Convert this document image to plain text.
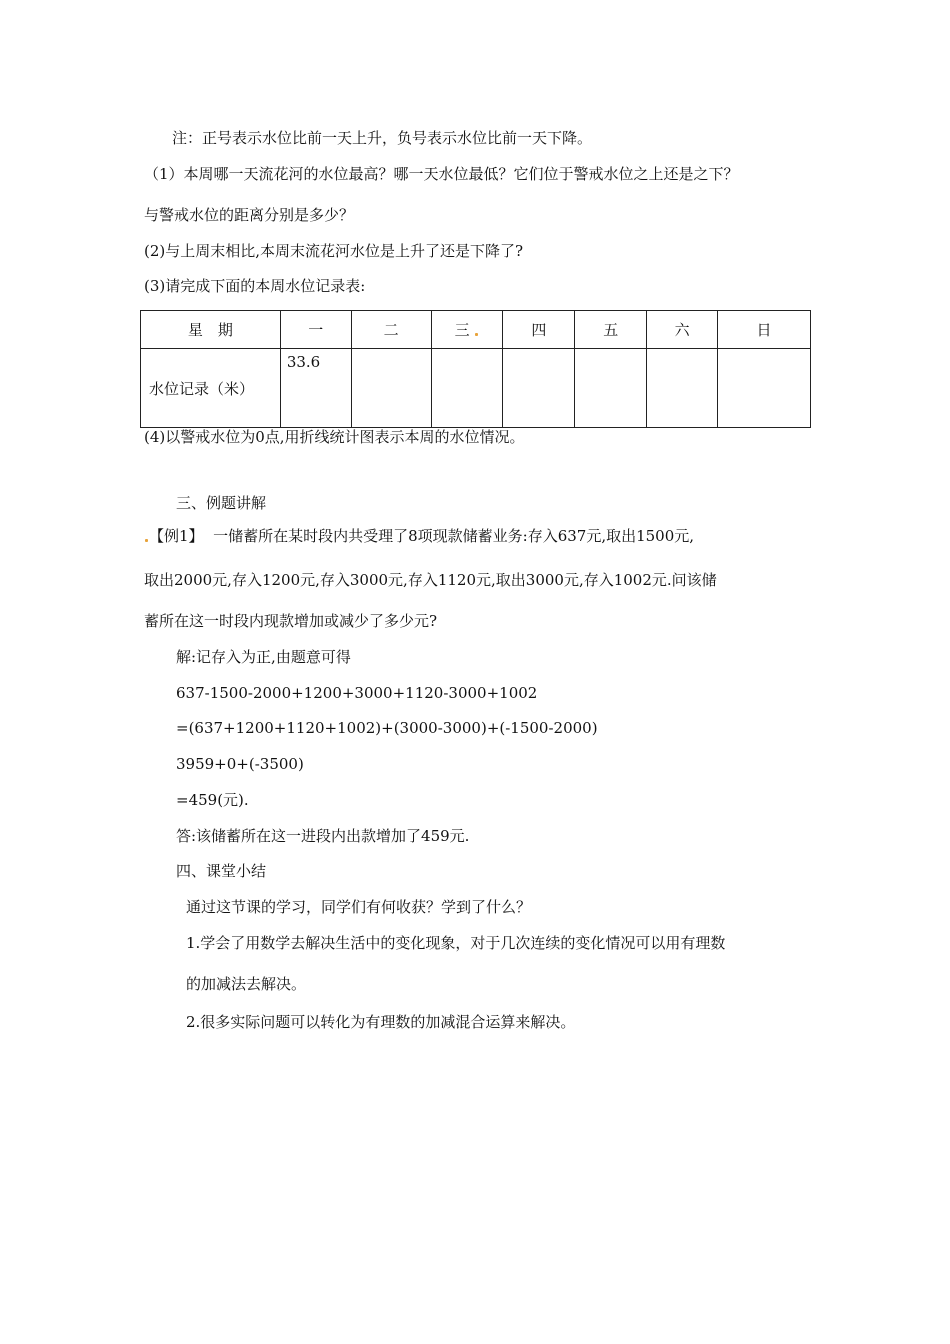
注：正号表示水位比前一天上升，负号表示水位比前一天下降。
（1）本周哪一天流花河的水位最高？哪一天水位最低？它们位于警戒水位之上还是之下？
与警戒水位的距离分别是多少？
(2)与上周末相比,本周末流花河水位是上升了还是下降了?
(3)请完成下面的本周水位记录表:
星　期	一	二	三	四	五	六	日
水位记录（米）	33.6						
(4)以警戒水位为0点,用折线统计图表示本周的水位情况。
三、例题讲解
【例1】 一储蓄所在某时段内共受理了8项现款储蓄业务:存入637元,取出1500元,
取出2000元,存入1200元,存入3000元,存入1120元,取出3000元,存入1002元.问该储
蓄所在这一时段内现款增加或减少了多少元?
解:记存入为正,由题意可得
637-1500-2000+1200+3000+1120-3000+1002
=(637+1200+1120+1002)+(3000-3000)+(-1500-2000)
3959+0+(-3500)
=459(元).
答:该储蓄所在这一进段内出款增加了459元.
四、课堂小结
通过这节课的学习，同学们有何收获？学到了什么？
1.学会了用数学去解决生活中的变化现象，对于几次连续的变化情况可以用有理数
的加减法去解决。
2.很多实际问题可以转化为有理数的加减混合运算来解决。
